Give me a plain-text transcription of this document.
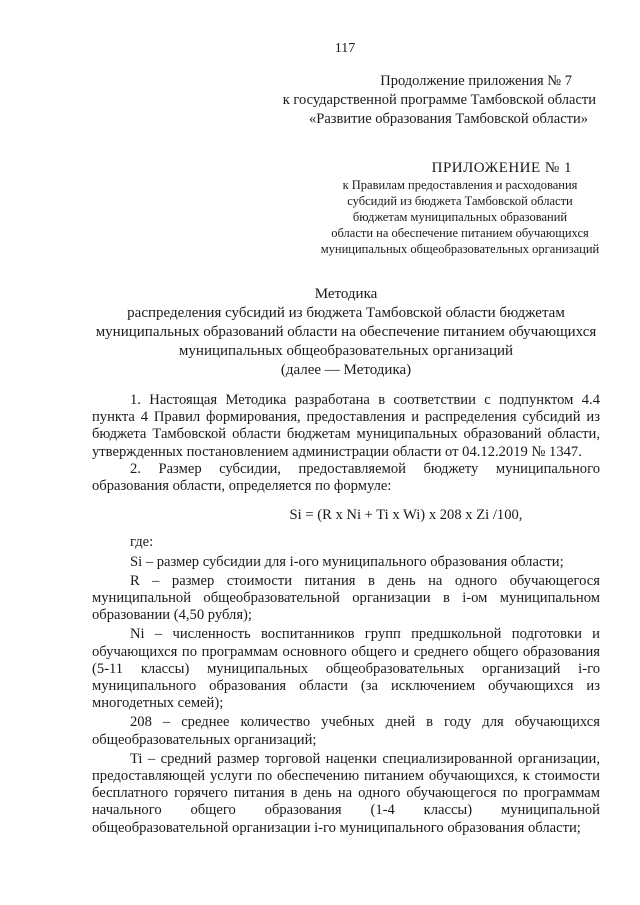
117
Продолжение приложения № 7
к государственной программе Тамбовской области
«Развитие образования Тамбовской области»
ПРИЛОЖЕНИЕ № 1
к Правилам предоставления и расходования
субсидий из бюджета Тамбовской области
бюджетам муниципальных образований
области на обеспечение питанием обучающихся
муниципальных общеобразовательных организаций
Методика
распределения субсидий из бюджета Тамбовской области бюджетам
муниципальных образований области на обеспечение питанием обучающихся
муниципальных общеобразовательных организаций
(далее — Методика)

1. Настоящая Методика разработана в соответствии с подпунктом 4.4 пункта 4 Правил формирования, предоставления и распределения субсидий из бюджета Тамбовской области бюджетам муниципальных образований области, утвержденных постановлением администрации области от 04.12.2019 № 1347.

2. Размер субсидии, предоставляемой бюджету муниципального образования области, определяется по формуле:

Si = (R x Ni + Ti x Wi) x 208 x Zi /100,

где:

Si – размер субсидии для i-ого муниципального образования области;

R – размер стоимости питания в день на одного обучающегося муниципальной общеобразовательной организации в i-ом муниципальном образовании (4,50 рубля);

Ni – численность воспитанников групп предшкольной подготовки и обучающихся по программам основного общего и среднего общего образования (5-11 классы) муниципальных общеобразовательных организаций i-го муниципального образования области (за исключением обучающихся из многодетных семей);

208 – среднее количество учебных дней в году для обучающихся общеобразовательных организаций;

Ti – средний размер торговой наценки специализированной организации, предоставляющей услуги по обеспечению питанием обучающихся, к стоимости бесплатного горячего питания в день на одного обучающегося по программам начального общего образования (1-4 классы) муниципальной общеобразовательной организации i-го муниципального образования области;
